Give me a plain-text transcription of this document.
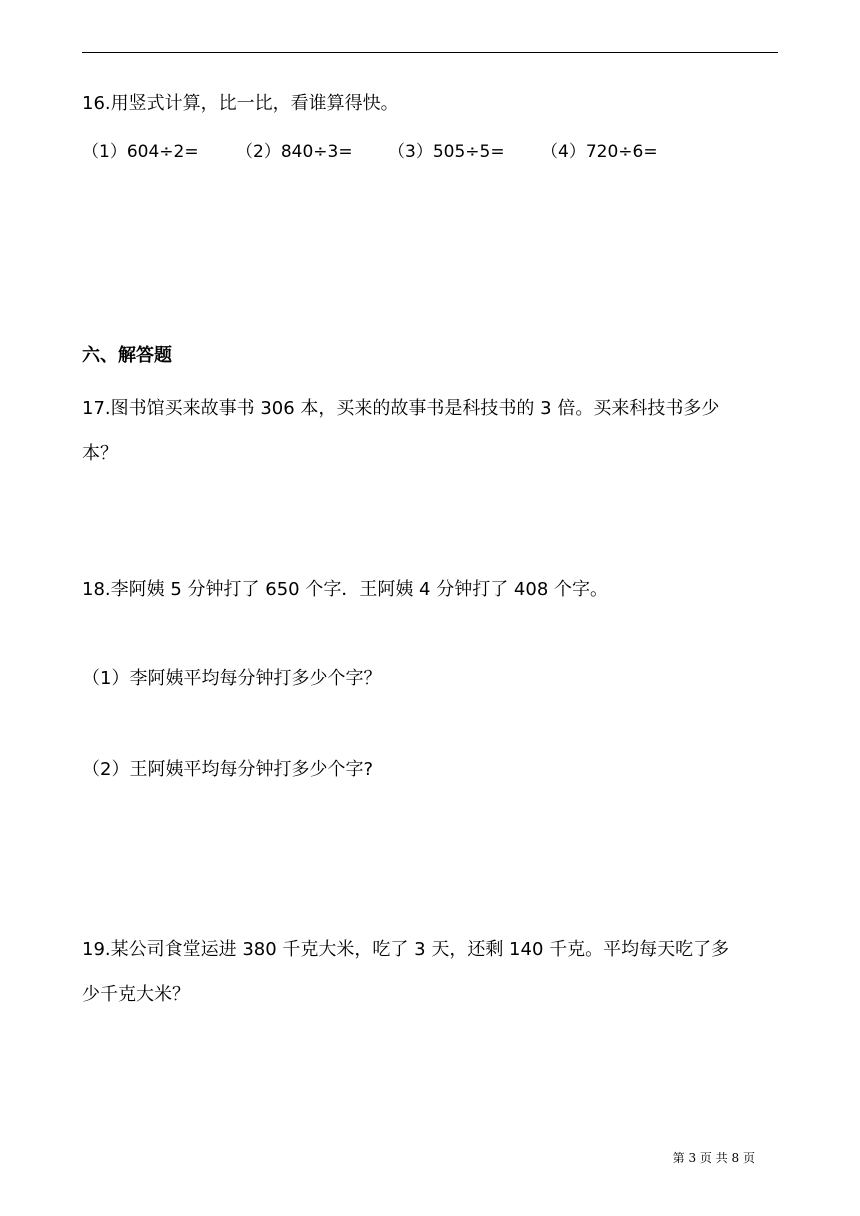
16.用竖式计算，比一比，看谁算得快。
（1）604÷2= （2）840÷3= （3）505÷5= （4）720÷6=
六、解答题
17.图书馆买来故事书 306 本，买来的故事书是科技书的 3 倍。买来科技书多少
本？
18.李阿姨 5 分钟打了 650 个字．王阿姨 4 分钟打了 408 个字。
（1）李阿姨平均每分钟打多少个字？
（2）王阿姨平均每分钟打多少个字?
19.某公司食堂运进 380 千克大米，吃了 3 天，还剩 140 千克。平均每天吃了多
少千克大米？
第 3 页 共 8 页
